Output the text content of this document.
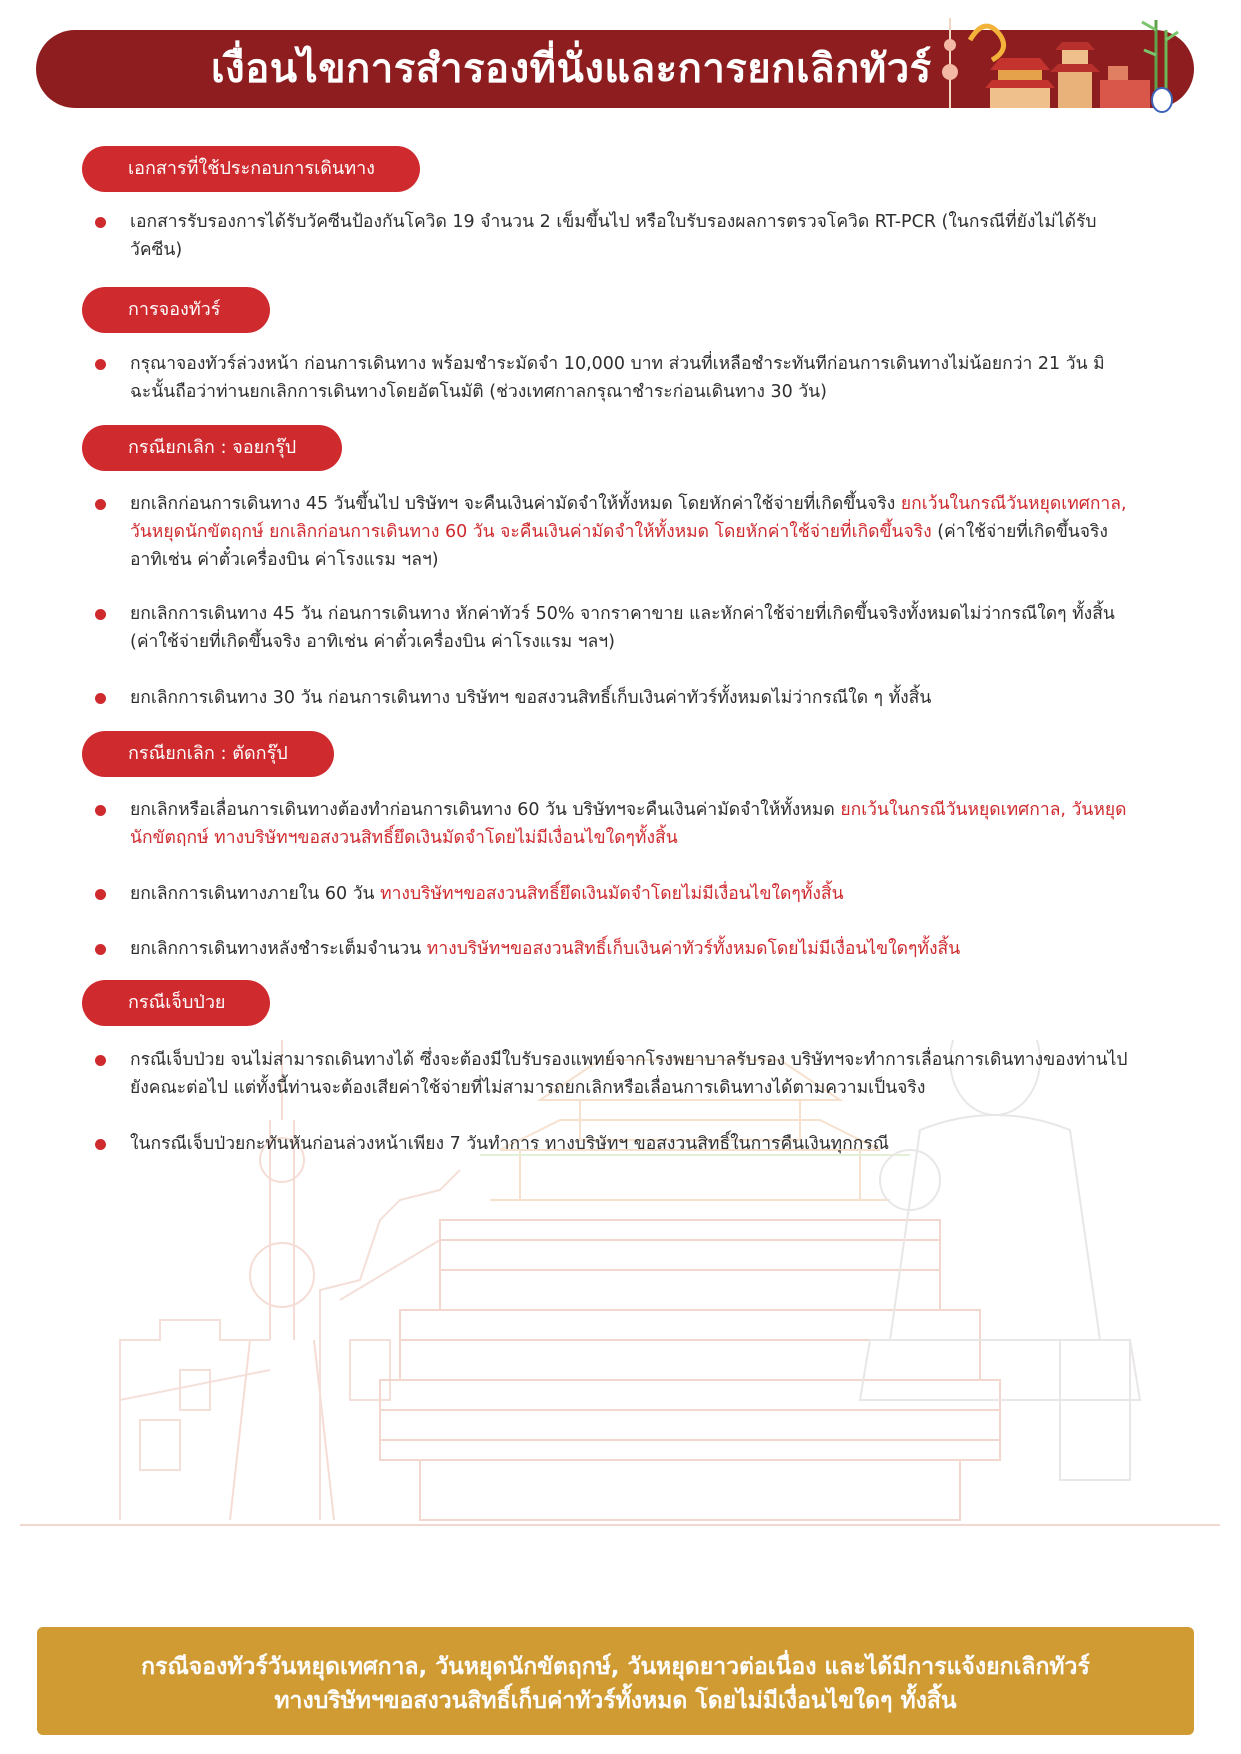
เงื่อนไขการสำรองที่นั่งและการยกเลิกทัวร์
เอกสารที่ใช้ประกอบการเดินทาง
เอกสารรับรองการได้รับวัคซีนป้องกันโควิด 19 จำนวน 2 เข็มขึ้นไป หรือใบรับรองผลการตรวจโควิด RT-PCR (ในกรณีที่ยังไม่ได้รับวัคซีน)
การจองทัวร์
กรุณาจองทัวร์ล่วงหน้า ก่อนการเดินทาง พร้อมชำระมัดจำ 10,000 บาท ส่วนที่เหลือชำระทันทีก่อนการเดินทางไม่น้อยกว่า 21 วัน มิฉะนั้นถือว่าท่านยกเลิกการเดินทางโดยอัตโนมัติ (ช่วงเทศกาลกรุณาชำระก่อนเดินทาง 30 วัน)
กรณียกเลิก : จอยกรุ๊ป
ยกเลิกก่อนการเดินทาง 45 วันขึ้นไป บริษัทฯ จะคืนเงินค่ามัดจำให้ทั้งหมด โดยหักค่าใช้จ่ายที่เกิดขึ้นจริง ยกเว้นในกรณีวันหยุดเทศกาล, วันหยุดนักขัตฤกษ์ ยกเลิกก่อนการเดินทาง 60 วัน จะคืนเงินค่ามัดจำให้ทั้งหมด โดยหักค่าใช้จ่ายที่เกิดขึ้นจริง (ค่าใช้จ่ายที่เกิดขึ้นจริง อาทิเช่น ค่าตั๋วเครื่องบิน ค่าโรงแรม ฯลฯ)
ยกเลิกการเดินทาง 45 วัน ก่อนการเดินทาง หักค่าทัวร์ 50% จากราคาขาย และหักค่าใช้จ่ายที่เกิดขึ้นจริงทั้งหมดไม่ว่ากรณีใดๆ ทั้งสิ้น (ค่าใช้จ่ายที่เกิดขึ้นจริง อาทิเช่น ค่าตั๋วเครื่องบิน ค่าโรงแรม ฯลฯ)
ยกเลิกการเดินทาง 30 วัน ก่อนการเดินทาง บริษัทฯ ขอสงวนสิทธิ์เก็บเงินค่าทัวร์ทั้งหมดไม่ว่ากรณีใด ๆ ทั้งสิ้น
กรณียกเลิก : ตัดกรุ๊ป
ยกเลิกหรือเลื่อนการเดินทางต้องทำก่อนการเดินทาง 60 วัน บริษัทฯจะคืนเงินค่ามัดจำให้ทั้งหมด ยกเว้นในกรณีวันหยุดเทศกาล, วันหยุดนักขัตฤกษ์ ทางบริษัทฯขอสงวนสิทธิ์ยึดเงินมัดจำโดยไม่มีเงื่อนไขใดๆทั้งสิ้น
ยกเลิกการเดินทางภายใน 60 วัน ทางบริษัทฯขอสงวนสิทธิ์ยึดเงินมัดจำโดยไม่มีเงื่อนไขใดๆทั้งสิ้น
ยกเลิกการเดินทางหลังชำระเต็มจำนวน ทางบริษัทฯขอสงวนสิทธิ์เก็บเงินค่าทัวร์ทั้งหมดโดยไม่มีเงื่อนไขใดๆทั้งสิ้น
กรณีเจ็บป่วย
กรณีเจ็บป่วย จนไม่สามารถเดินทางได้ ซึ่งจะต้องมีใบรับรองแพทย์จากโรงพยาบาลรับรอง บริษัทฯจะทำการเลื่อนการเดินทางของท่านไปยังคณะต่อไป แต่ทั้งนี้ท่านจะต้องเสียค่าใช้จ่ายที่ไม่สามารถยกเลิกหรือเลื่อนการเดินทางได้ตามความเป็นจริง
ในกรณีเจ็บป่วยกะทันหันก่อนล่วงหน้าเพียง 7 วันทำการ ทางบริษัทฯ ขอสงวนสิทธิ์ในการคืนเงินทุกกรณี
กรณีจองทัวร์วันหยุดเทศกาล, วันหยุดนักขัตฤกษ์, วันหยุดยาวต่อเนื่อง และได้มีการแจ้งยกเลิกทัวร์
ทางบริษัทฯขอสงวนสิทธิ์เก็บค่าทัวร์ทั้งหมด โดยไม่มีเงื่อนไขใดๆ ทั้งสิ้น
